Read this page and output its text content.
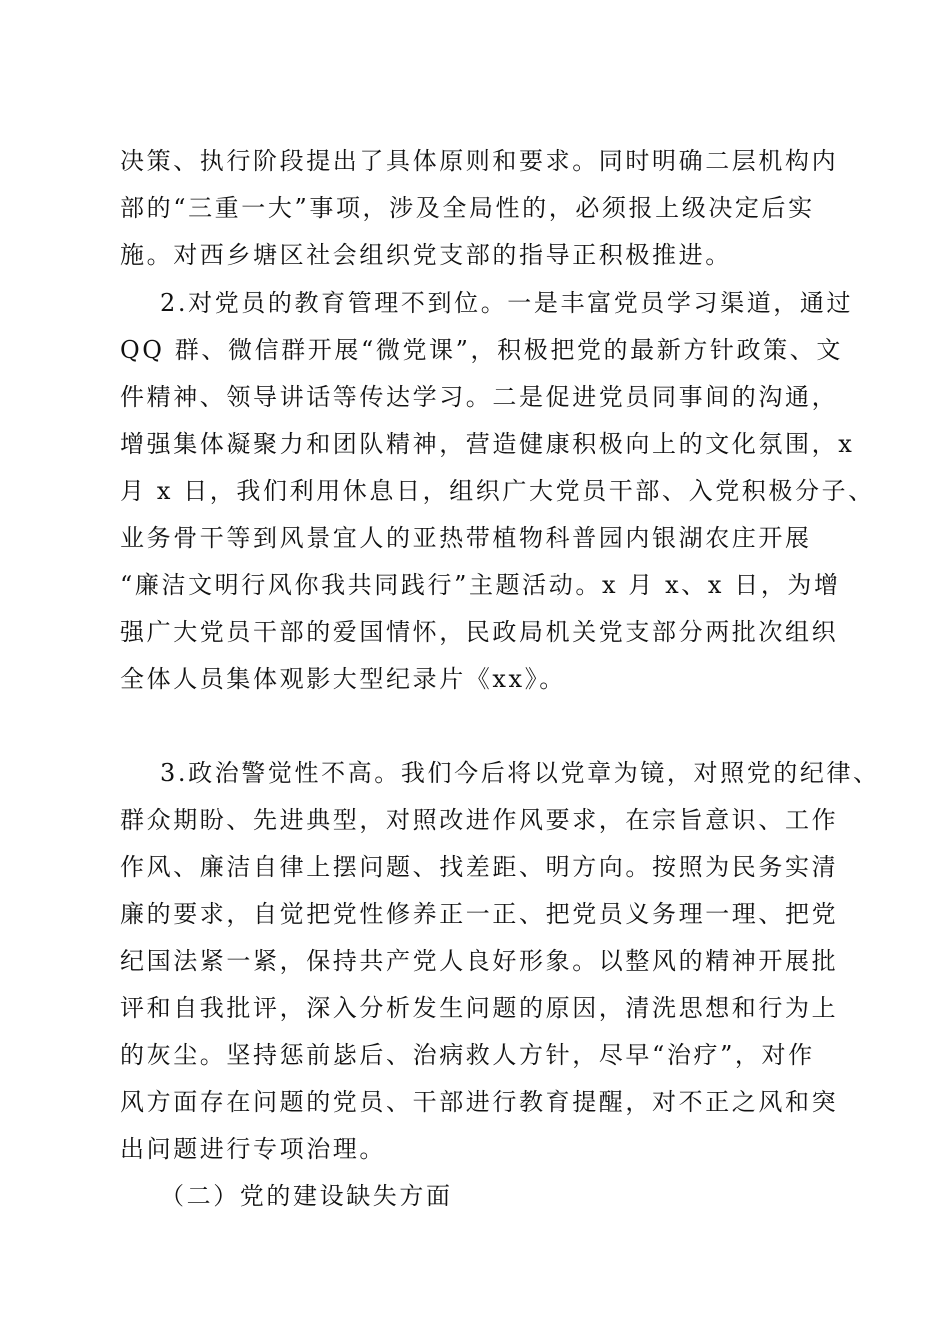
决策、执行阶段提出了具体原则和要求。同时明确二层机构内
部的“三重一大”事项，涉及全局性的，必须报上级决定后实
施。对西乡塘区社会组织党支部的指导正积极推进。
2.对党员的教育管理不到位。一是丰富党员学习渠道，通过
QQ 群、微信群开展“微党课”，积极把党的最新方针政策、文
件精神、领导讲话等传达学习。二是促进党员同事间的沟通，
增强集体凝聚力和团队精神，营造健康积极向上的文化氛围，x
月 x 日，我们利用休息日，组织广大党员干部、入党积极分子、
业务骨干等到风景宜人的亚热带植物科普园内银湖农庄开展
“廉洁文明行风你我共同践行”主题活动。x 月 x、x 日，为增
强广大党员干部的爱国情怀，民政局机关党支部分两批次组织
全体人员集体观影大型纪录片《xx》。
3.政治警觉性不高。我们今后将以党章为镜，对照党的纪律、
群众期盼、先进典型，对照改进作风要求，在宗旨意识、工作
作风、廉洁自律上摆问题、找差距、明方向。按照为民务实清
廉的要求，自觉把党性修养正一正、把党员义务理一理、把党
纪国法紧一紧，保持共产党人良好形象。以整风的精神开展批
评和自我批评，深入分析发生问题的原因，清洗思想和行为上
的灰尘。坚持惩前毖后、治病救人方针，尽早“治疗”，对作
风方面存在问题的党员、干部进行教育提醒，对不正之风和突
出问题进行专项治理。
（二）党的建设缺失方面
